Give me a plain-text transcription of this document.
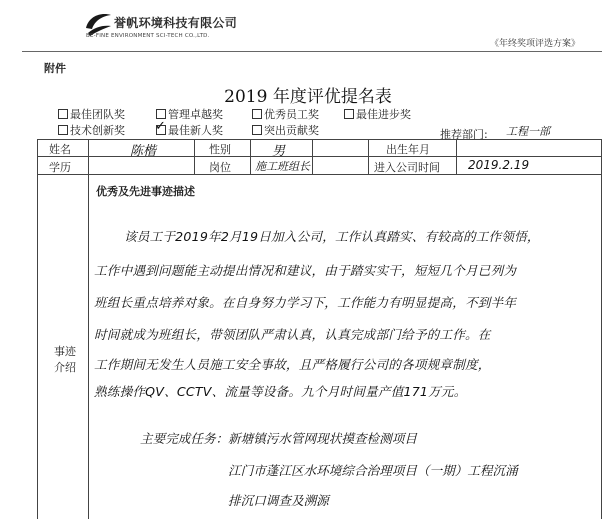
誉帆环境科技有限公司
BE-FINE ENVIRONMENT SCI-TECH CO.,LTD.
《年终奖项评选方案》
附件
2019 年度评优提名表
最佳团队奖	管理卓越奖	优秀员工奖	最佳进步奖
技术创新奖 ✓ 最佳新人奖	突出贡献奖	推荐部门: 工程一部
姓名	陈楷	性别	男	出生年月
学历	岗位 施工班组长	进入公司时间 2019.2.19
事迹
介绍
优秀及先进事迹描述
该员工于2019年2月19日加入公司，工作认真踏实、有较高的工作领悟，
工作中遇到问题能主动提出情况和建议，由于踏实实干，短短几个月已列为
班组长重点培养对象。在自身努力学习下，工作能力有明显提高，不到半年
时间就成为班组长，带领团队严肃认真，认真完成部门给予的工作。在
工作期间无发生人员施工安全事故，且严格履行公司的各项规章制度，
熟练操作QV、CCTV、流量等设备。九个月时间量产值171万元。
主要完成任务： 新塘镇污水管网现状摸查检测项目
江门市蓬江区水环境综合治理项目（一期）工程沉涌
排沉口调查及溯源
